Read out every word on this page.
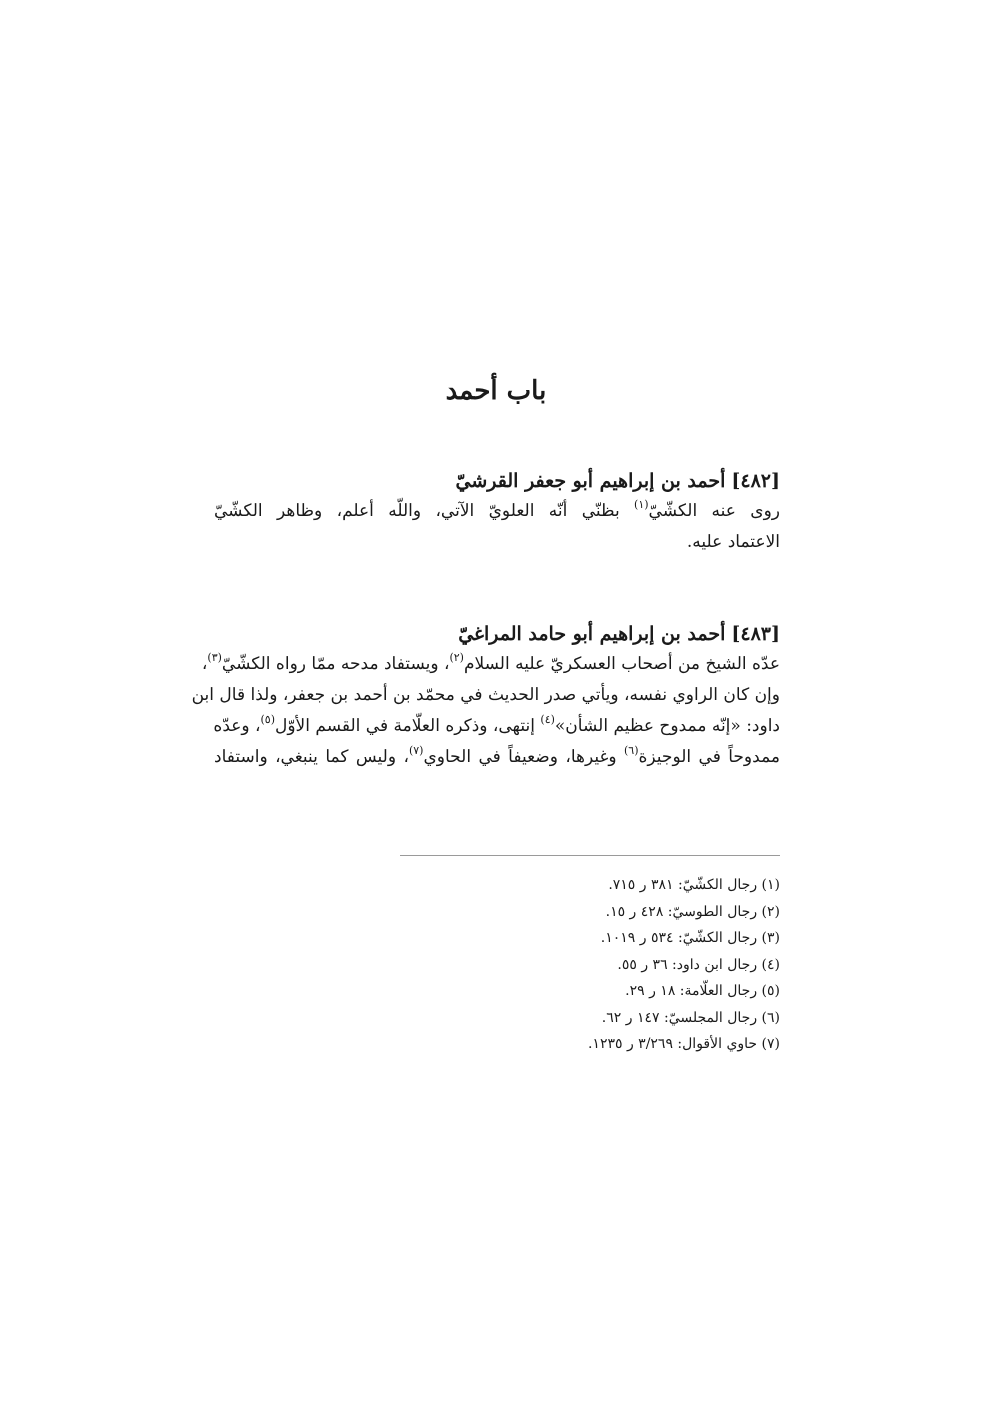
باب أحمد

[٤٨٢]أحمد بن إبراهيم أبو جعفر القرشيّ

روى عنه الكشّيّ$^{(١)}$ بظنّي أنّه العلويّ الآتي، واللّه أعلم، وظاهر الكشّيّ

الاعتماد عليه.

[٤٨٣]أحمد بن إبراهيم أبو حامد المراغيّ

عدّه الشيخ من أصحاب العسكريّ عليه السلام$^{(٢)}$، ويستفاد مدحه ممّا رواه الكشّيّ$^{(٣)}$،

وإن كان الراوي نفسه، ويأتي صدر الحديث في محمّد بن أحمد بن جعفر، ولذا قال ابن

داود: «إنّه ممدوح عظيم الشأن»$^{(٤)}$ إنتهى، وذكره العلّامة في القسم الأوّل$^{(٥)}$، وعدّه

ممدوحاً في الوجيزة$^{(٦)}$ وغيرها، وضعيفاً في الحاوي$^{(٧)}$، وليس كما ينبغي، واستفاد

(١) رجال الكشّيّ: ٣٨١ ر ٧١٥.
(٢) رجال الطوسيّ: ٤٢٨ ر ١٥.
(٣) رجال الكشّيّ: ٥٣٤ ر ١٠١٩.
(٤) رجال ابن داود: ٣٦ ر ٥٥.
(٥) رجال العلّامة: ١٨ ر ٢٩.
(٦) رجال المجلسيّ: ١٤٧ ر ٦٢.
(٧) حاوي الأقوال: ٣/٢٦٩ ر ١٢٣٥.
